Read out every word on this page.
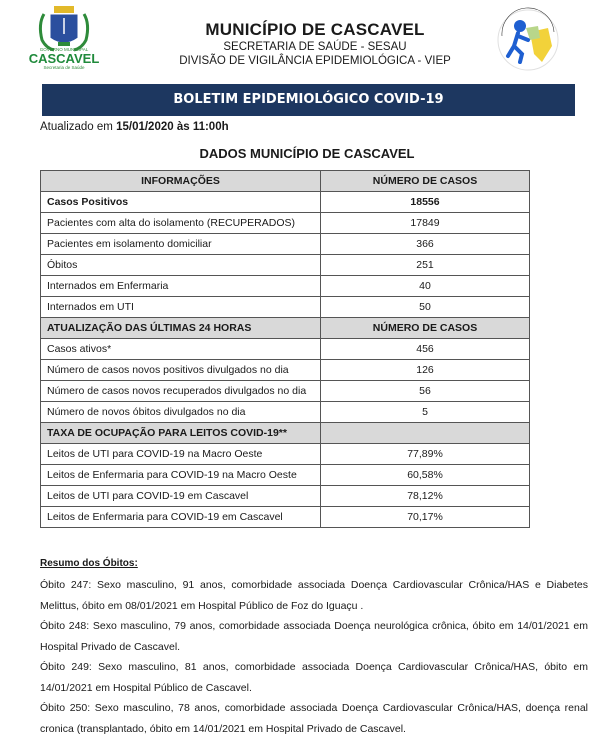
GOVERNO MUNICIPAL
CASCAVEL
Secretaria de Saúde
MUNICÍPIO DE CASCAVEL
SECRETARIA DE SAÚDE - SESAU
DIVISÃO DE VIGILÂNCIA EPIDEMIOLÓGICA - VIEP
BOLETIM EPIDEMIOLÓGICO COVID-19
Atualizado em 15/01/2020 às 11:00h
DADOS MUNICÍPIO DE CASCAVEL
INFORMAÇÕES	NÚMERO DE CASOS
Casos Positivos	18556
Pacientes com alta do isolamento (RECUPERADOS)	17849
Pacientes em isolamento domiciliar	366
Óbitos	251
Internados em Enfermaria	40
Internados em UTI	50
ATUALIZAÇÃO DAS ÚLTIMAS 24 HORAS	NÚMERO DE CASOS
Casos ativos*	456
Número de casos novos positivos divulgados no dia	126
Número de casos novos recuperados divulgados no dia	56
Número de novos óbitos divulgados no dia	5
TAXA DE OCUPAÇÃO PARA LEITOS COVID-19**	
Leitos de UTI para COVID-19 na Macro Oeste	77,89%
Leitos de Enfermaria para COVID-19 na Macro Oeste	60,58%
Leitos de UTI para COVID-19 em Cascavel	78,12%
Leitos de Enfermaria para COVID-19 em Cascavel	70,17%
Resumo dos Óbitos:

Óbito 247: Sexo masculino, 91 anos, comorbidade associada Doença Cardiovascular Crônica/HAS e Diabetes Melittus, óbito em 08/01/2021 em Hospital Público de Foz do Iguaçu .

Óbito 248: Sexo masculino, 79 anos, comorbidade associada Doença neurológica crônica, óbito em 14/01/2021 em Hospital Privado de Cascavel.

Óbito 249: Sexo masculino, 81 anos, comorbidade associada Doença Cardiovascular Crônica/HAS, óbito em 14/01/2021 em Hospital Público de Cascavel.

Óbito 250: Sexo masculino, 78 anos, comorbidade associada Doença Cardiovascular Crônica/HAS, doença renal cronica (transplantado, óbito em 14/01/2021 em Hospital Privado de Cascavel.
